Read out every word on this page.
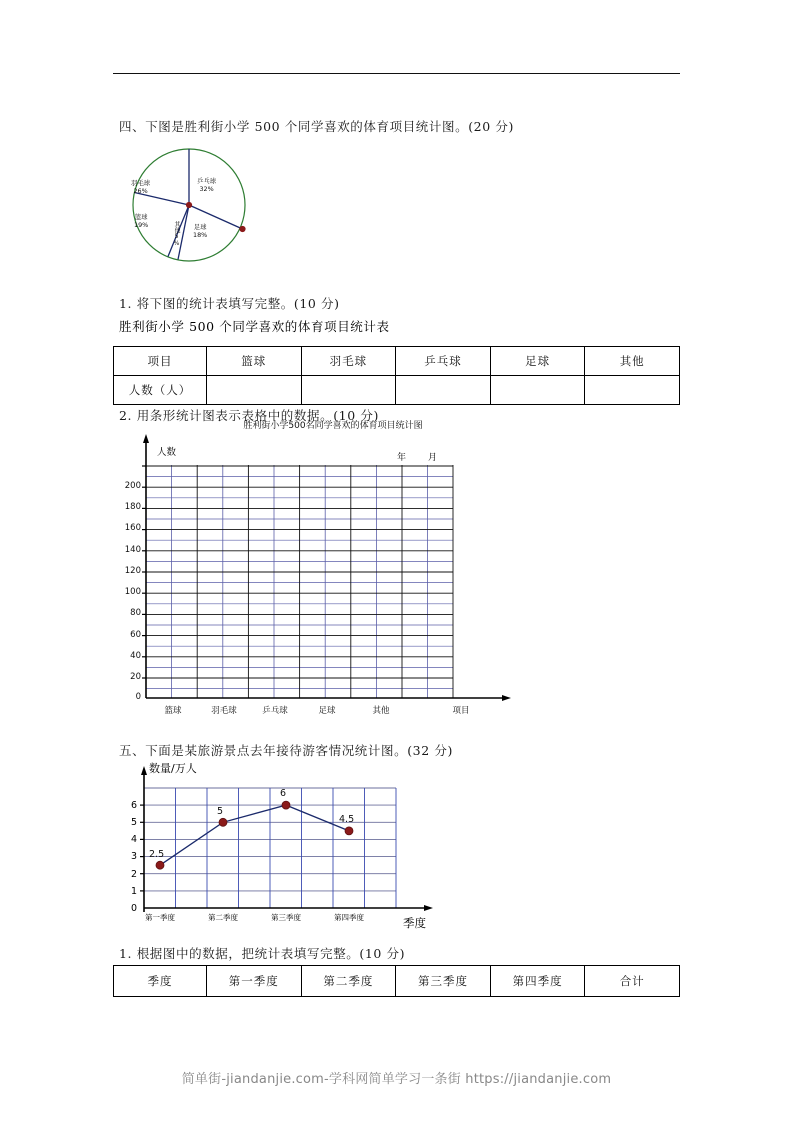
四、下图是胜利街小学 500 个同学喜欢的体育项目统计图。(20 分)
羽毛球
26%
乒乓球
32%
篮球
19%	足球
18%
其他5%
1. 将下图的统计表填写完整。(10 分)
胜利街小学 500 个同学喜欢的体育项目统计表
项目	篮球	羽毛球	乒乓球	足球	其他
人数（人）					
2. 用条形统计图表示表格中的数据。(10 分)
胜利街小学500名同学喜欢的体育项目统计图
人数	年 月
0
20
40
60
80
100
120
140
160
180
200
篮球	羽毛球	乒乓球	足球	其他	项目
五、下面是某旅游景点去年接待游客情况统计图。(32 分)
数量/万人
0
1
2
3
4
5
6
2.5
5
6
4.5
第一季度	第二季度	第三季度	第四季度	季度
1. 根据图中的数据，把统计表填写完整。(10 分)
季度	第一季度	第二季度	第三季度	第四季度	合计
简单街-jiandanjie.com-学科网简单学习一条街 https://jiandanjie.com
